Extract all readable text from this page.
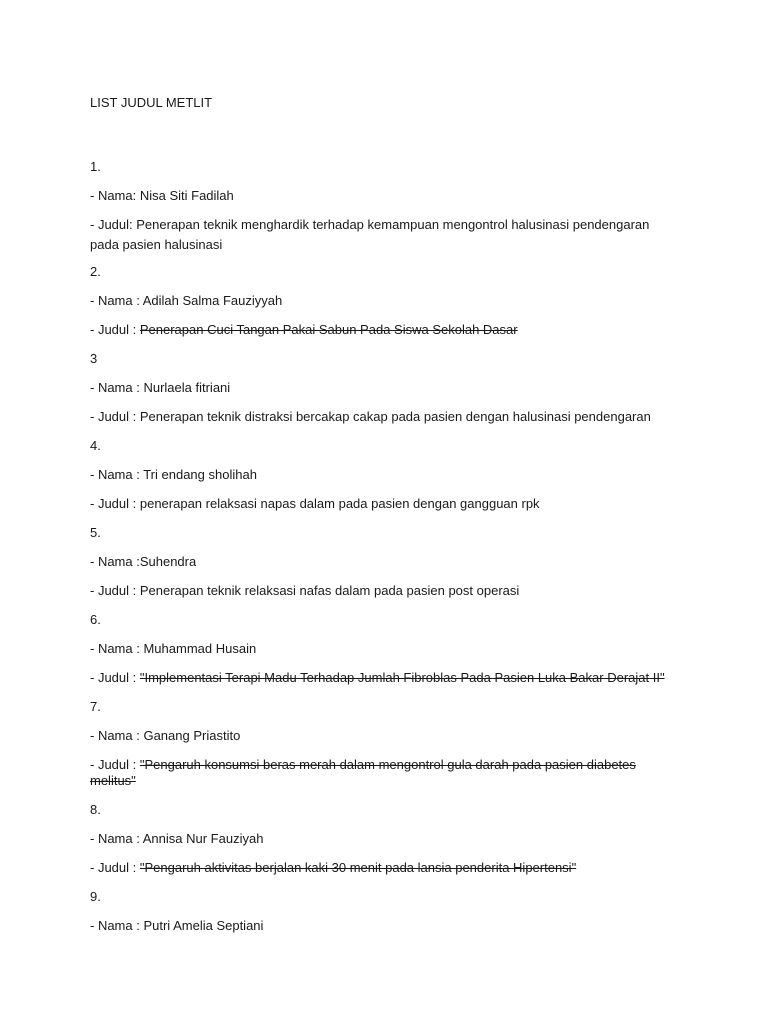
LIST JUDUL METLIT

1.

- Nama: Nisa Siti Fadilah

- Judul: Penerapan teknik menghardik terhadap kemampuan mengontrol halusinasi pendengaran pada pasien halusinasi

2.

- Nama : Adilah Salma Fauziyyah

- Judul : Penerapan Cuci Tangan Pakai Sabun Pada Siswa Sekolah Dasar

3

- Nama : Nurlaela fitriani

- Judul : Penerapan teknik distraksi bercakap cakap pada pasien dengan halusinasi pendengaran

4.

- Nama : Tri endang sholihah

- Judul : penerapan relaksasi napas dalam pada pasien dengan gangguan rpk

5.

- Nama :Suhendra

- Judul : Penerapan teknik relaksasi nafas dalam pada pasien post operasi

6.

- Nama : Muhammad Husain

- Judul : "Implementasi Terapi Madu Terhadap Jumlah Fibroblas Pada Pasien Luka Bakar Derajat II"

7.

- Nama : Ganang Priastito

- Judul : "Pengaruh konsumsi beras merah dalam mengontrol gula darah pada pasien diabetes melitus"

8.

- Nama : Annisa Nur Fauziyah

- Judul : "Pengaruh aktivitas berjalan kaki 30 menit pada lansia penderita Hipertensi"

9.

- Nama : Putri Amelia Septiani
